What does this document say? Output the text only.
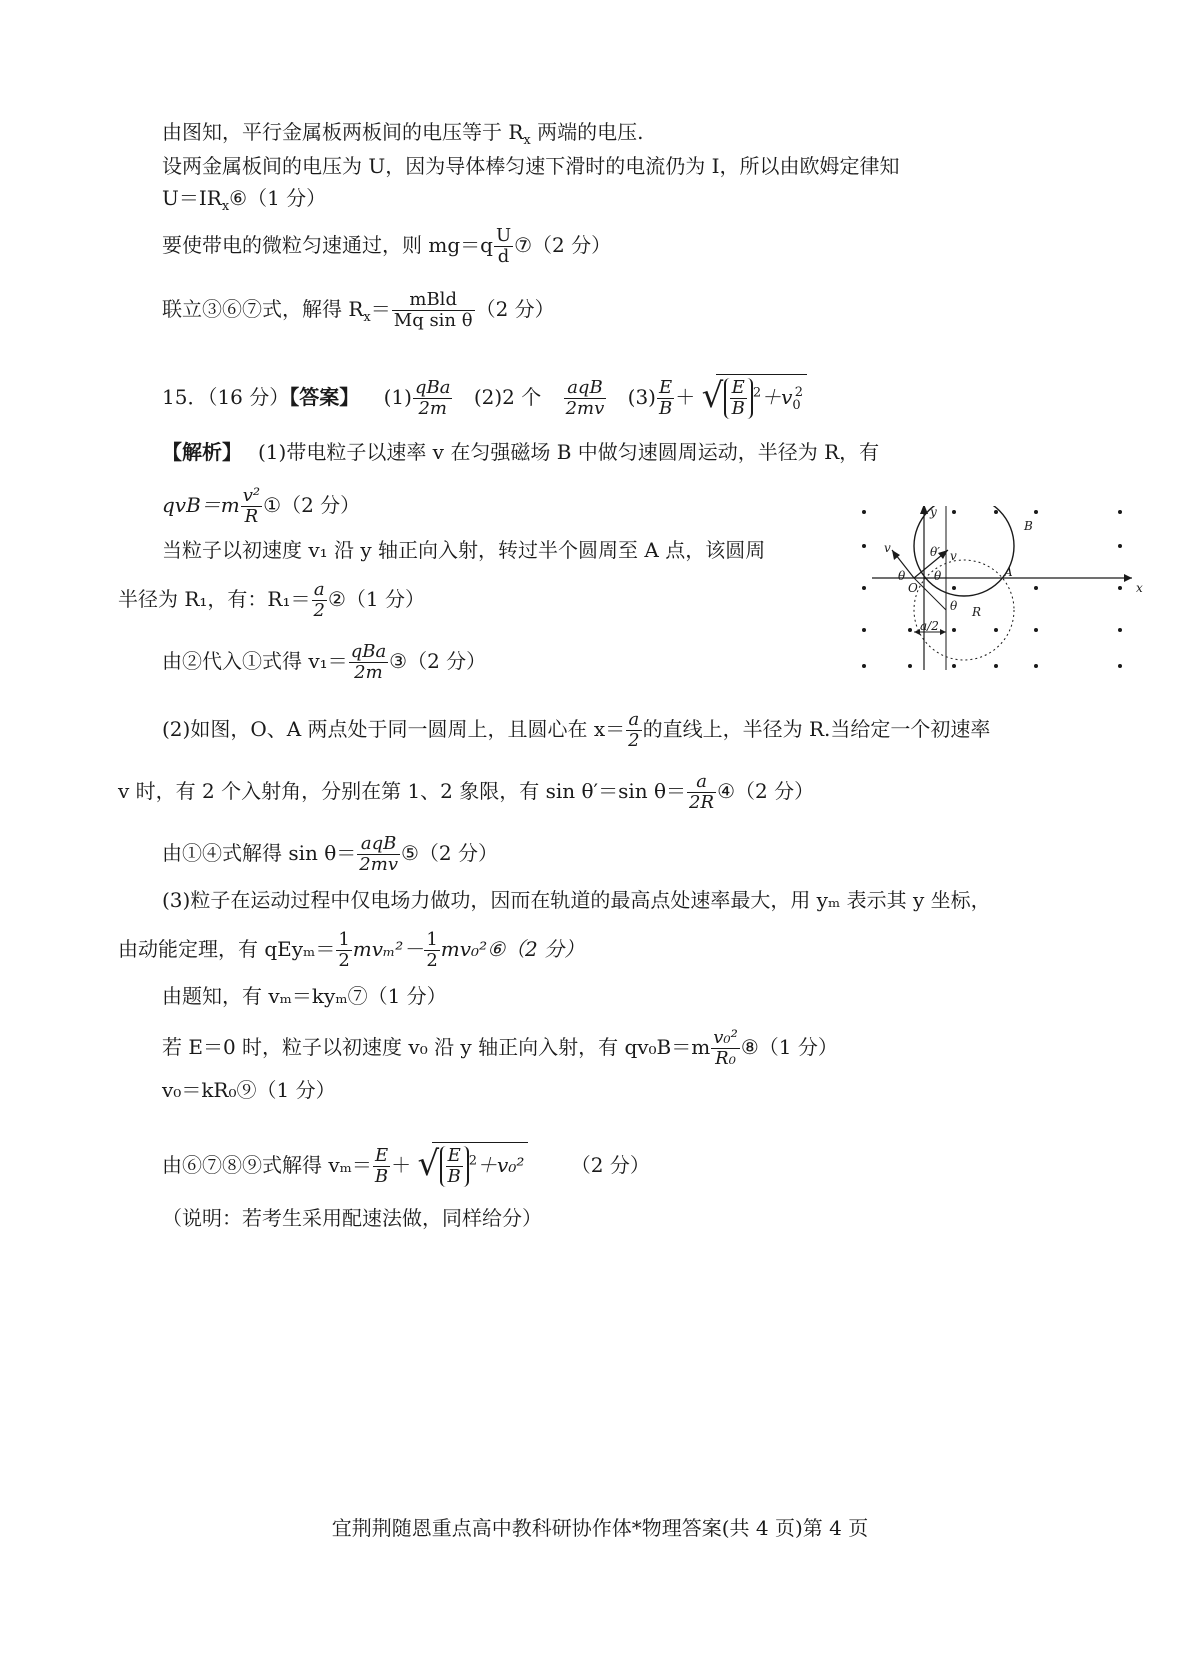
由图知，平行金属板两板间的电压等于 $R_x$ 两端的电压.
设两金属板间的电压为 U，因为导体棒匀速下滑时的电流仍为 I，所以由欧姆定律知
$U=IR_x⑥(1$ 分）
要使带电的微粒匀速通过，则 $mg=q \frac{U}{d}$ ⑦（2 分）
联立③⑥⑦式，解得 $R_x= \frac{\text{mBld}}{\text{Mq sin θ}} (2$ 分）
15．（16 分）【答案】 $(1) \frac{\text{qBa}}{2m} (2)2$ 个 $\frac{\text{aqB}}{2mv} (3) \frac{E}{B}$ ＋ √ $\frac{E}{B} ^2+v_0^2$
【解析】 (1)带电粒子以速率 v 在匀强磁场 B 中做匀速圆周运动，半径为 R，有
$qvB=m \frac{\text{v²}}{R}$ ①（2 分）
当粒子以初速度 v₁ 沿 y 轴正向入射，转过半个圆周至 A 点，该圆周
半径为 R₁，有：$R_1= \frac{a}{2}$ ②（1 分）
由②代入①式得 $v_1= \frac{\text{qBa}}{2m}$ ③（2 分）
(2)如图，O、A 两点处于同一圆周上，且圆心在 $x= \frac{a}{2}$ 的直线上，半径为 R.当给定一个初速率
v 时，有 2 个入射角，分别在第 1、2 象限，有 sin θ′＝sin $\theta= \frac{a}{2R}$ ④（2 分）
由①④式解得 $\sin \theta= \frac{\text{aqB}}{2mv}$ ⑤（2 分）
(3)粒子在运动过程中仅电场力做功，因而在轨道的最高点处速率最大，用 yₘ 表示其 y 坐标，
由动能定理，有 $qEy_m= \frac{1}{2} mv_m^2- \frac{1}{2}$ mv₀²⑥（2 分）
由题知，有 vₘ＝kyₘ⑦（1 分）
若 E＝0 时，粒子以初速度 v₀ 沿 y 轴正向入射，有 $qv_0B=m \frac{\text{v₀²}}{\text{R₀}}$ ⑧（1 分）
v₀＝kR₀⑨（1 分）
由⑥⑦⑧⑨式解得 $v_m= \frac{E}{B}$ ＋ √ $\frac{E}{B} ^2+v_0^2$ （2 分）
（说明：若考生采用配速法做，同样给分）
y
x
B
A
O
R
v
v
θ′
θ θ
θ
a/2
宜荆荆随恩重点高中教科研协作体*物理答案(共 4 页)第 4 页
